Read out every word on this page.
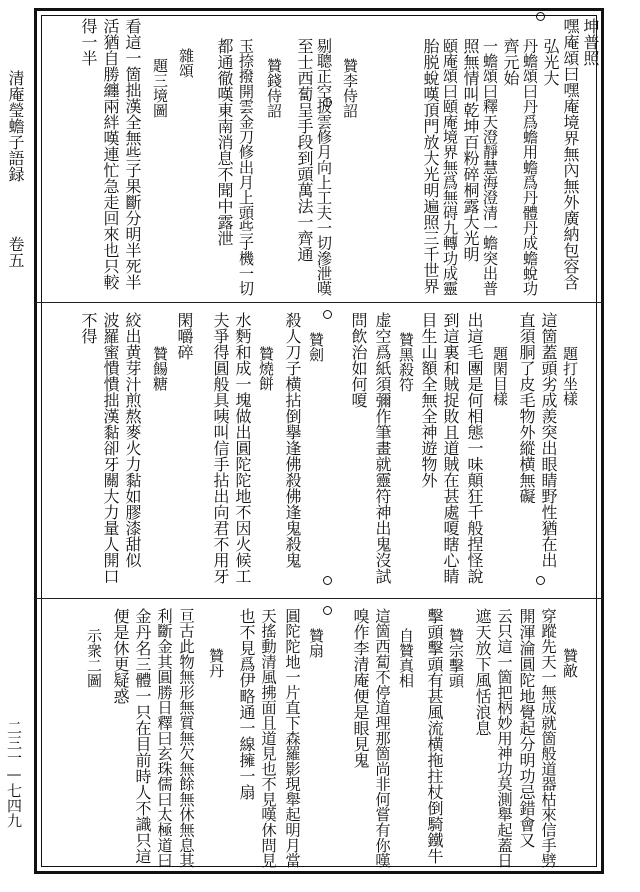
清庵瑩蟾子語録
卷五
二三一—七四九
坤普照
嘿庵頌曰嘿庵境界無內無外廣納包容含
弘光大
丹蟾頌曰丹爲蟾用蟾爲丹體丹成蟾蛻功
齊元始
一蟾頌曰釋天澄靜慧海澄清一蟾突出普
照無情叫乾坤百粉碎桐露大光明
頤庵頌曰頤庵境界無爲無碍九轉功成靈
胎脱蛻嘆頂門放大光明遍照三千世界
贊李侍詔
剔聰正空披雲修月向上工夫一切滲泄嘆
至士西蔔呈手段到頭萬法一齊通
贊錢侍詔
玉捺撥開雲金刀修出月上頭些子機一切
都通徹嘆東南消息不聞中露泄
雜頌
題三境圖
看這一箇拙漢全無些子果斷分明半死半
活猶自勝纏兩絆嘆連忙急走回來也只較
得一半
題打坐樣
這箇蓋頭劣成羨突出眼睛野性猶在出
直須胴了皮毛物外縱横無礙
題閑目樣
出這毛團是何相態一味顛狂千般捏怪說
到這裏和賊捉敗且道賊在甚處嗄瞎心睛
目生山額全無全神遊物外
贊黑殺符
虚空爲紙須彌作筆畫就靈符神出鬼沒試
問飲治如何嗄
贊劍
殺人刀子横拈倒擧逢佛殺佛逢鬼殺鬼
贊燒餅
水麪和成一塊做出圓陀陀地不因火候工
夫爭得圓般具咦叫信手拈出向君不用牙
閑嚼碎
贊餳糖
絞出黄芽汁煎熬麥火力黏如膠漆甜似
波羅蜜憒憒拙漢黏卻牙關大力量人開口
不得
贊敵
穿蹤先天一無成就箇般道器枯來信手劈
開渾淪圓陀地覺起分明功忌錯會又
云只這一箇把柄妙用神功莫測舉起蓋日
遮天放下風恬浪息
贊宗擊頭
擊頭擊頭有甚風流横拖拄杖倒騎鐵牛
自贊真相
這箇西蔔不停道理那箇尚非何嘗有你嘆
嗅作李清庵便是眼見鬼
贊扇
圓陀陀地一片直下森羅影現舉起明月當
天搖動清風拂面且道見也不見嘆休問見
也不見爲伊略通一線擁一扇
贊丹
亘古此物無形無質無欠無餘無休無息其
利斷金其圓勝日釋曰玄珠儒曰太極道曰
金丹名三體一只在目前時人不識只這
便是休更疑惑
示衆二圖
